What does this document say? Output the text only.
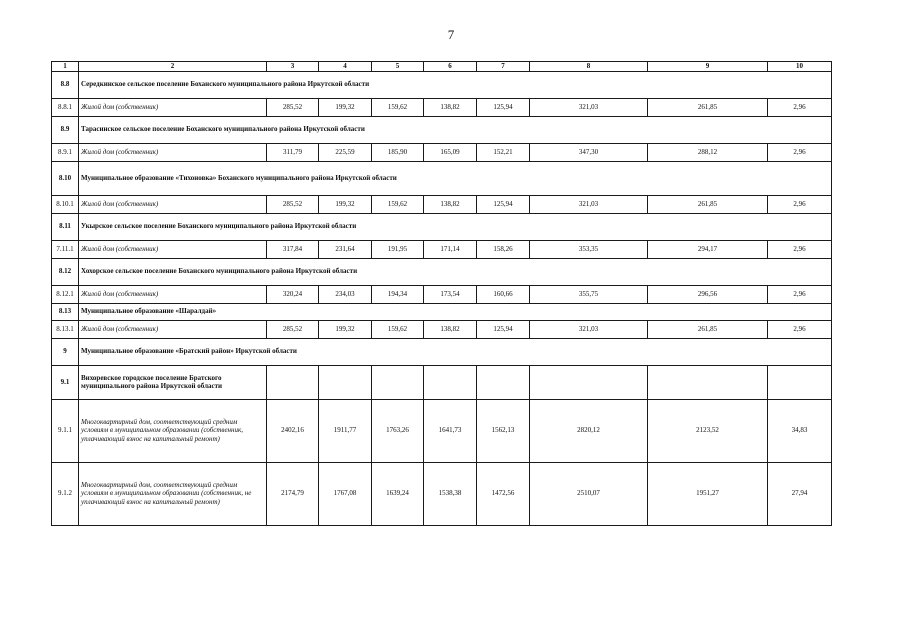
7
1	2	3	4	5	6	7	8	9	10
8.8	Середкинское сельское поселение Боханского муниципального района Иркутской области								
8.8.1	Жилой дом (собственник)	285,52	199,32	159,62	138,82	125,94	321,03	261,85	2,96
8.9	Тарасинское сельское поселение Боханского муниципального района Иркутской области								
8.9.1	Жилой дом (собственник)	311,79	225,59	185,90	165,09	152,21	347,30	288,12	2,96
8.10	Муниципальное образование «Тихоновка» Боханского муниципального района Иркутской области								
8.10.1	Жилой дом (собственник)	285,52	199,32	159,62	138,82	125,94	321,03	261,85	2,96
8.11	Укырское сельское поселение Боханского муниципального района Иркутской области								
7.11.1	Жилой дом (собственник)	317,84	231,64	191,95	171,14	158,26	353,35	294,17	2,96
8.12	Хохорское сельское поселение Боханского муниципального района Иркутской области								
8.12.1	Жилой дом (собственник)	320,24	234,03	194,34	173,54	160,66	355,75	296,56	2,96
8.13	Муниципальное образование «Шаралдай»								
8.13.1	Жилой дом (собственник)	285,52	199,32	159,62	138,82	125,94	321,03	261,85	2,96
9	Муниципальное образование «Братский район» Иркутской области								
9.1	Вихоревское городское поселение Братского муниципального района Иркутской области								
9.1.1	Многоквартирный дом, соответствующий средним условиям в муниципальном образовании (собственник, уплачивающий взнос на капитальный ремонт)	2402,16	1911,77	1763,26	1641,73	1562,13	2820,12	2123,52	34,83
9.1.2	Многоквартирный дом, соответствующий средним условиям в муниципальном образовании (собственник, не уплачивающий взнос на капитальный ремонт)	2174,79	1767,08	1639,24	1538,38	1472,56	2510,07	1951,27	27,94
